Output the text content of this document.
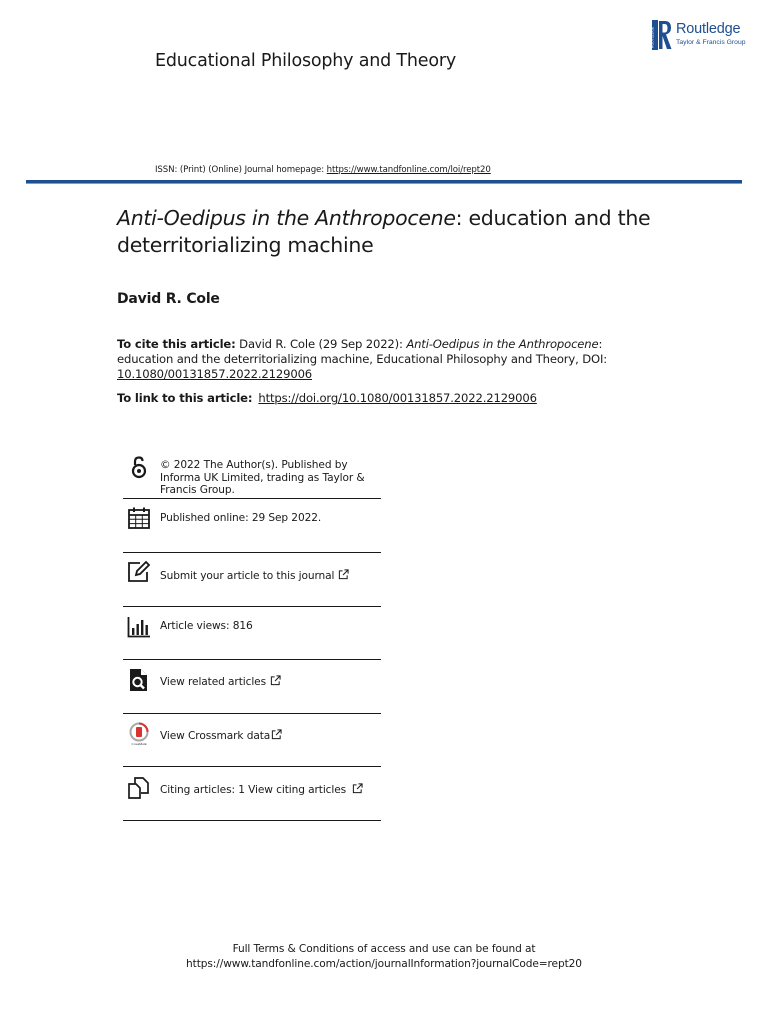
ROUTLEDGE Routledge
Taylor & Francis Group
Educational Philosophy and Theory
ISSN: (Print) (Online) Journal homepage: https://www.tandfonline.com/loi/rept20
Anti-Oedipus in the Anthropocene: education and the deterritorializing machine
David R. Cole
To cite this article: David R. Cole (29 Sep 2022): Anti-Oedipus in the Anthropocene: education and the deterritorializing machine, Educational Philosophy and Theory, DOI: 10.1080/00131857.2022.2129006
To link to this article: https://doi.org/10.1080/00131857.2022.2129006
© 2022 The Author(s). Published by Informa UK Limited, trading as Taylor & Francis Group.
Published online: 29 Sep 2022.
Submit your article to this journal
Article views: 816
View related articles
CrossMark
View Crossmark data
Citing articles: 1 View citing articles
Full Terms & Conditions of access and use can be found at
https://www.tandfonline.com/action/journalInformation?journalCode=rept20
